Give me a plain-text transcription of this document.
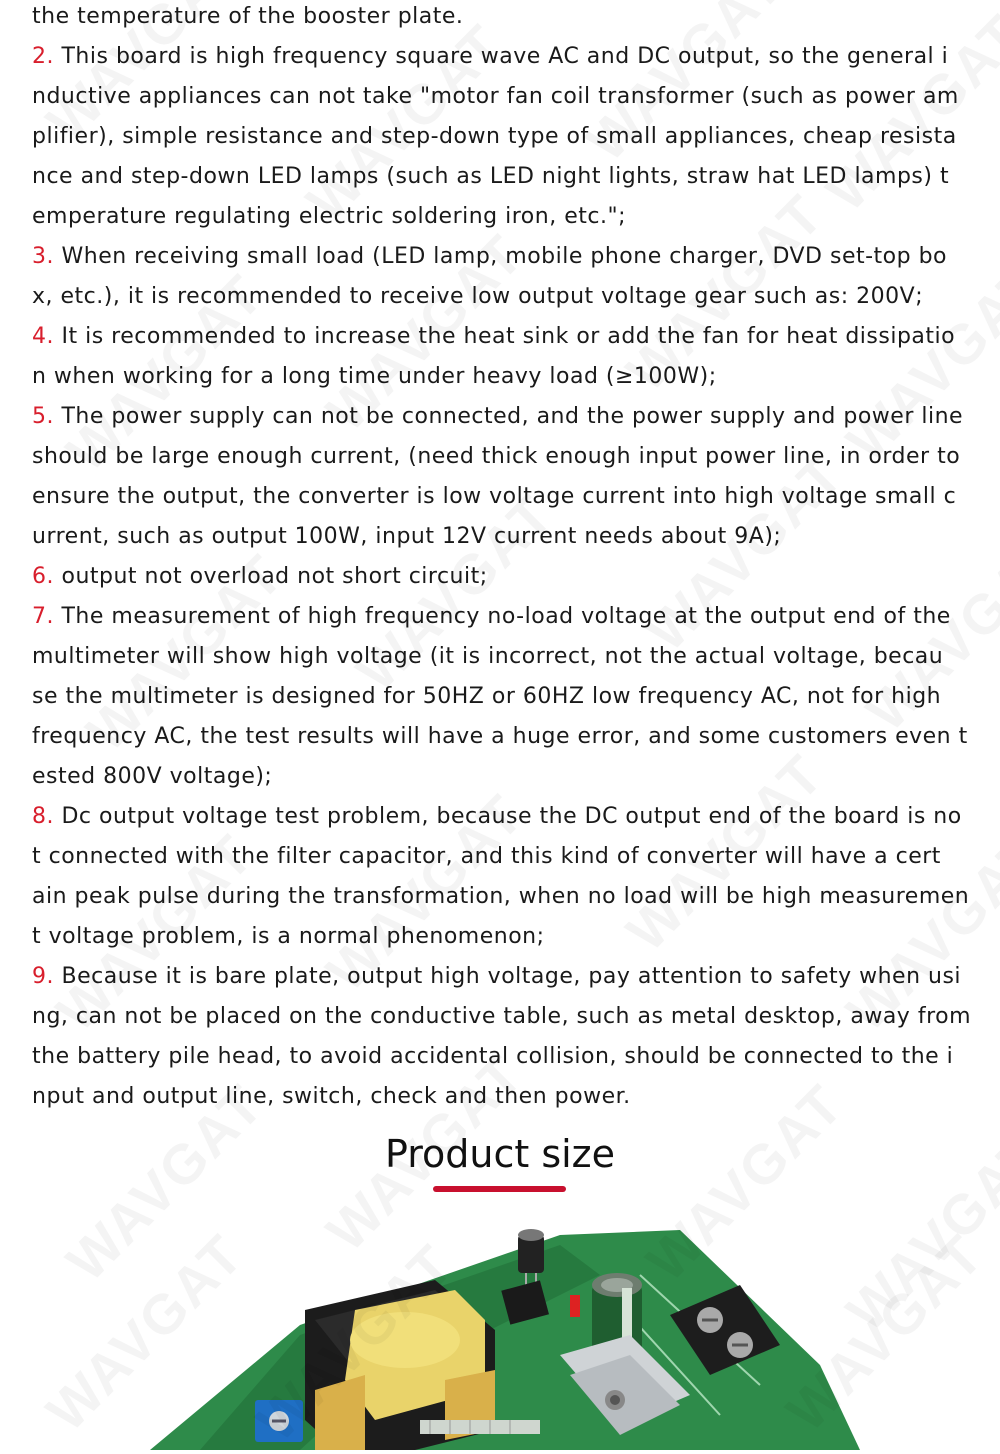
the temperature of the booster plate.
2. This board is high frequency square wave AC and DC output, so the general i
nductive appliances can not take "motor fan coil transformer (such as power am
plifier), simple resistance and step-down type of small appliances, cheap resista
nce and step-down LED lamps (such as LED night lights, straw hat LED lamps) t
emperature regulating electric soldering iron, etc.";
3. When receiving small load (LED lamp, mobile phone charger, DVD set-top bo
x, etc.), it is recommended to receive low output voltage gear such as: 200V;
4. It is recommended to increase the heat sink or add the fan for heat dissipatio
n when working for a long time under heavy load (≥100W);
5. The power supply can not be connected, and the power supply and power line
should be large enough current, (need thick enough input power line, in order to
ensure the output, the converter is low voltage current into high voltage small c
urrent, such as output 100W, input 12V current needs about 9A);
6. output not overload not short circuit;
7. The measurement of high frequency no-load voltage at the output end of the
multimeter will show high voltage (it is incorrect, not the actual voltage, becau
se the multimeter is designed for 50HZ or 60HZ low frequency AC, not for high
frequency AC, the test results will have a huge error, and some customers even t
ested 800V voltage);
8. Dc output voltage test problem, because the DC output end of the board is no
t connected with the filter capacitor, and this kind of converter will have a cert
ain peak pulse during the transformation, when no load will be high measuremen
t voltage problem, is a normal phenomenon;
9. Because it is bare plate, output high voltage, pay attention to safety when usi
ng, can not be placed on the conductive table, such as metal desktop, away from
the battery pile head, to avoid accidental collision, should be connected to the i
nput and output line, switch, check and then power.
Product size
